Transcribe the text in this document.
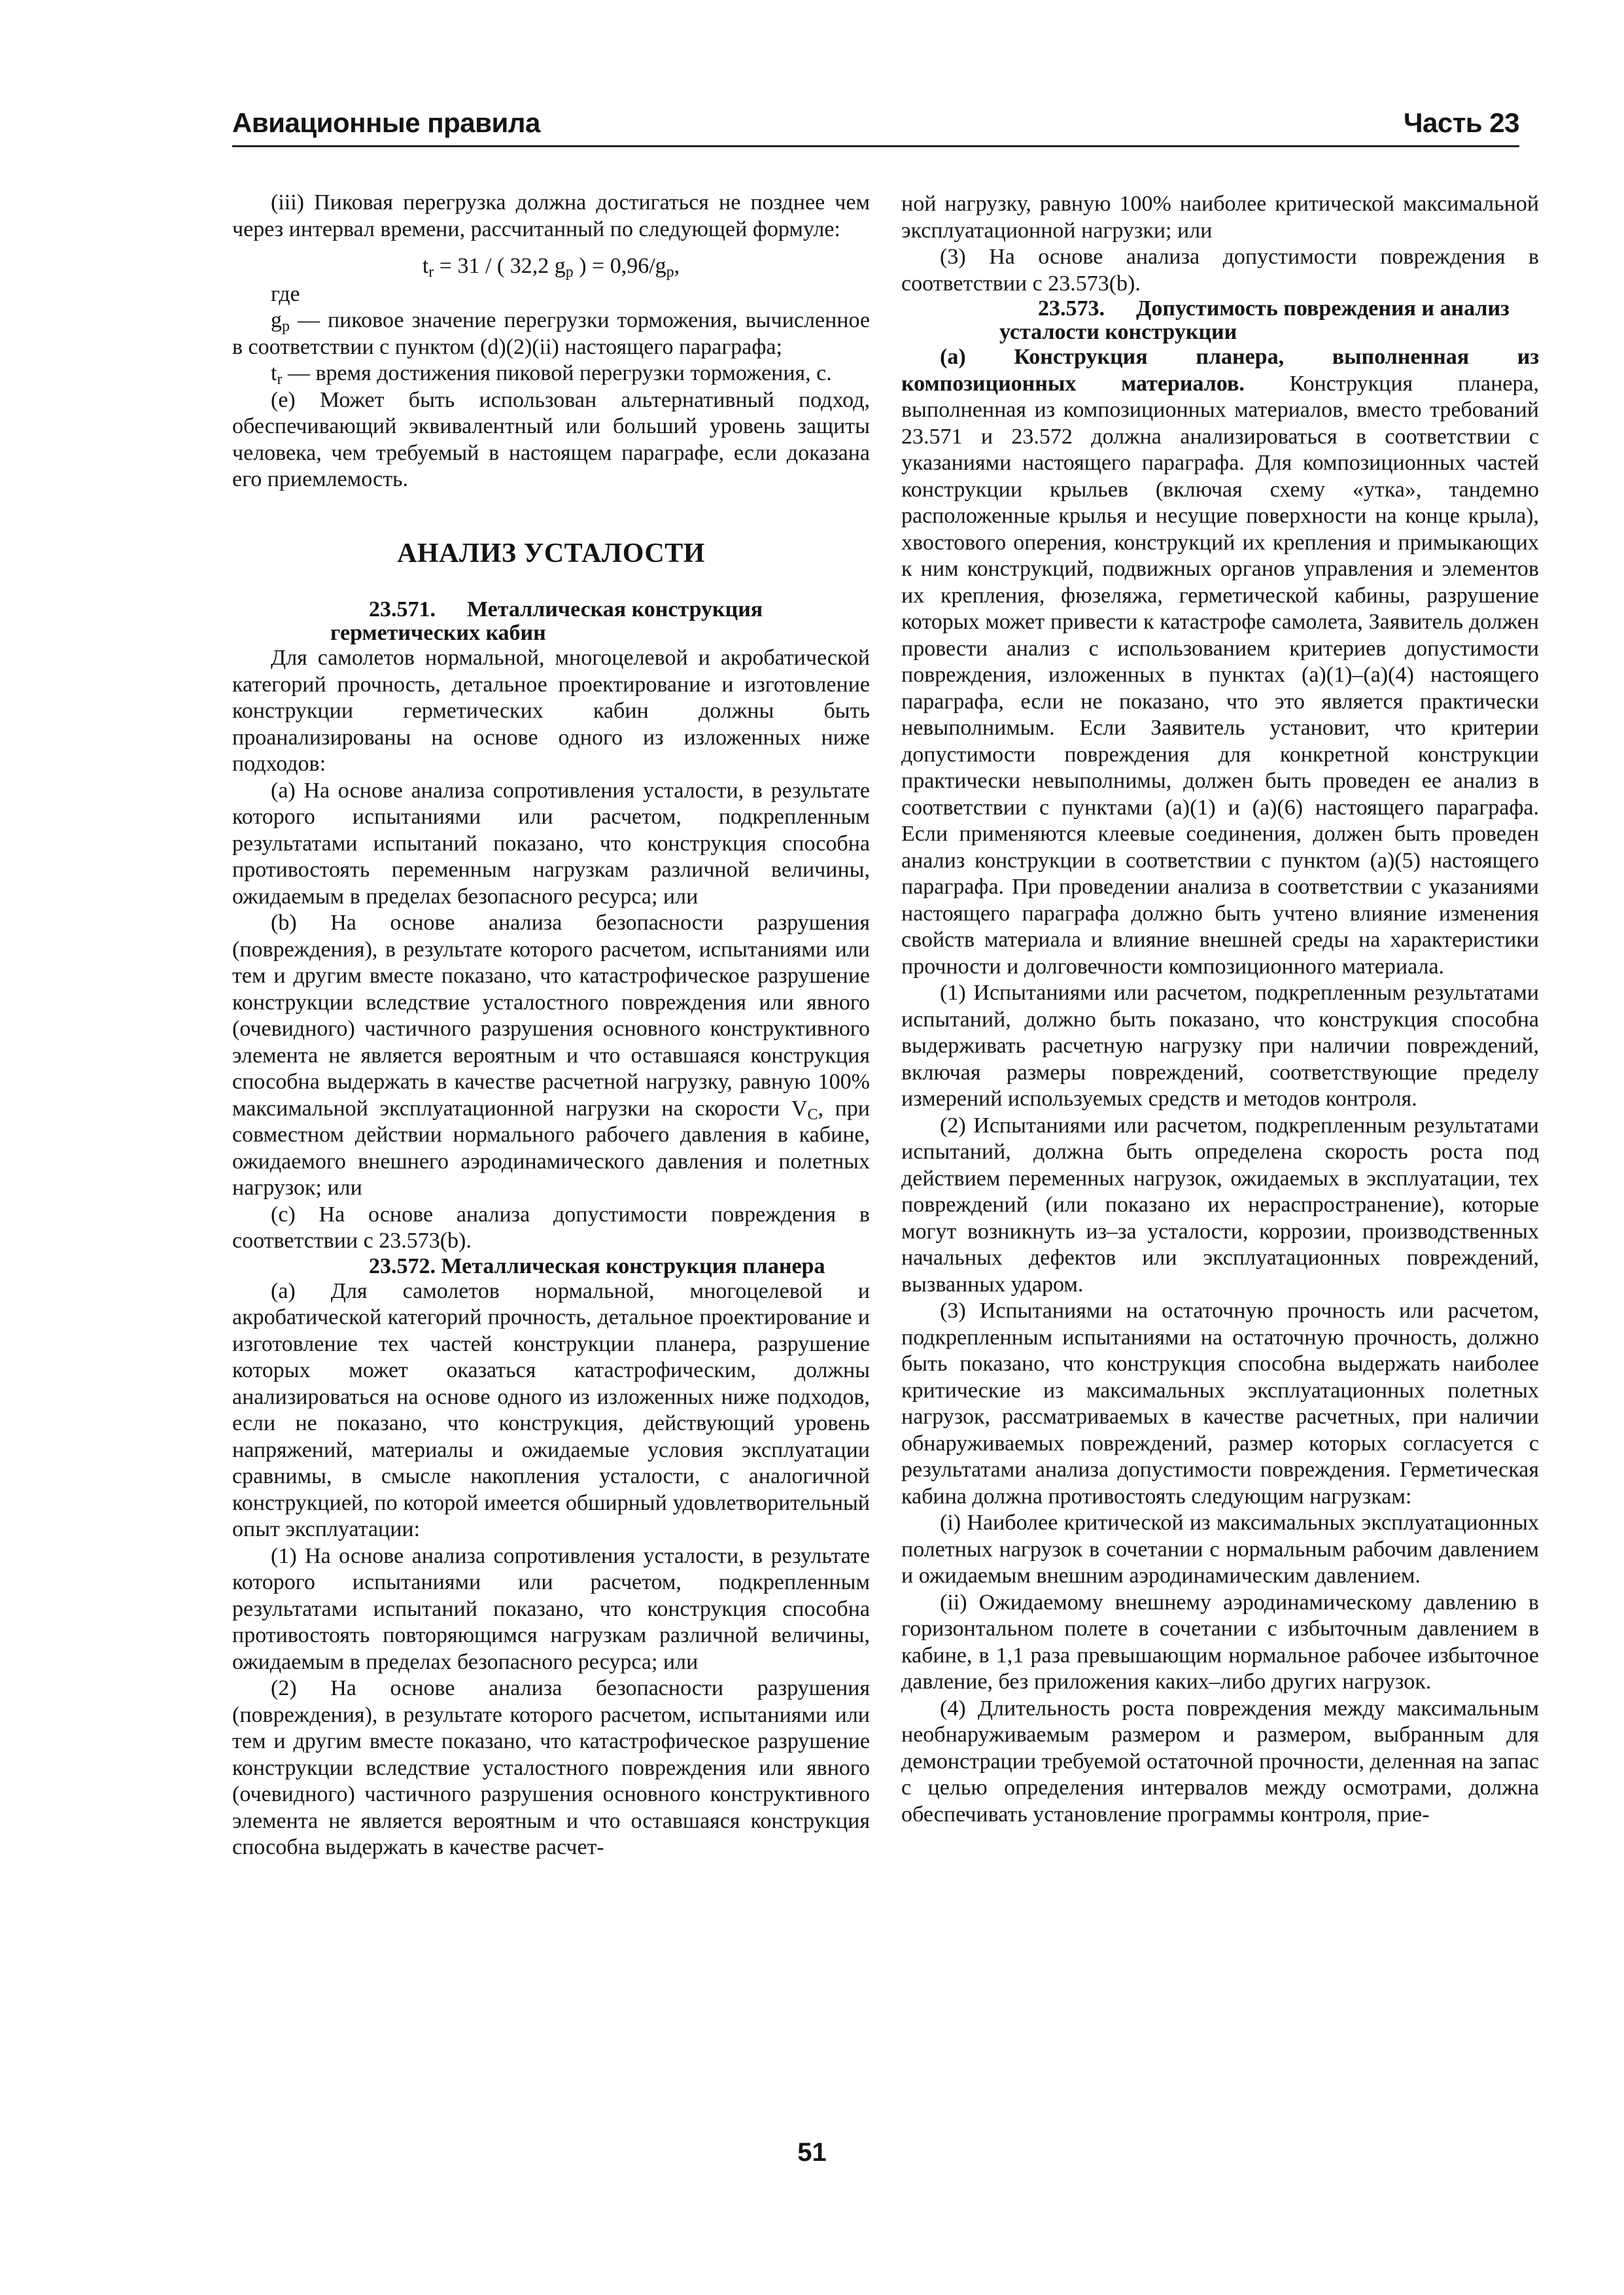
Авиационные правила	Часть 23

(iii) Пиковая перегрузка должна достигаться не позднее чем через интервал времени, рассчитанный по следующей формуле:

$t_r = 31$ / ( 32,2 $g_p$ ) = $0,96/g_p$,

где

$g_p$ — пиковое значение перегрузки торможения, вычисленное в соответствии с пунктом (d)(2)(ii) настоящего параграфа;

$t_r$ — время достижения пиковой перегрузки торможения, с.

(e) Может быть использован альтернативный подход, обеспечивающий эквивалентный или больший уровень защиты человека, чем требуемый в настоящем параграфе, если доказана его приемлемость.

АНАЛИЗ УСТАЛОСТИ

23.571. Металлическая конструкция герметических кабин

Для самолетов нормальной, многоцелевой и акробатической категорий прочность, детальное проектирование и изготовление конструкции герметических кабин должны быть проанализированы на основе одного из изложенных ниже подходов:

(a) На основе анализа сопротивления усталости, в результате которого испытаниями или расчетом, подкрепленным результатами испытаний показано, что конструкция способна противостоять переменным нагрузкам различной величины, ожидаемым в пределах безопасного ресурса; или

(b) На основе анализа безопасности разрушения (повреждения), в результате которого расчетом, испытаниями или тем и другим вместе показано, что катастрофическое разрушение конструкции вследствие усталостного повреждения или явного (очевидного) частичного разрушения основного конструктивного элемента не является вероятным и что оставшаяся конструкция способна выдержать в качестве расчетной нагрузку, равную 100% максимальной эксплуатационной нагрузки на скорости $V_C$, при совместном действии нормального рабочего давления в кабине, ожидаемого внешнего аэродинамического давления и полетных нагрузок; или

(c) На основе анализа допустимости повреждения в соответствии с 23.573(b).

23.572. Металлическая конструкция планера

(a) Для самолетов нормальной, многоцелевой и акробатической категорий прочность, детальное проектирование и изготовление тех частей конструкции планера, разрушение которых может оказаться катастрофическим, должны анализироваться на основе одного из изложенных ниже подходов, если не показано, что конструкция, действующий уровень напряжений, материалы и ожидаемые условия эксплуатации сравнимы, в смысле накопления усталости, с аналогичной конструкцией, по которой имеется обширный удовлетворительный опыт эксплуатации:

(1) На основе анализа сопротивления усталости, в результате которого испытаниями или расчетом, подкрепленным результатами испытаний показано, что конструкция способна противостоять повторяющимся нагрузкам различной величины, ожидаемым в пределах безопасного ресурса; или

(2) На основе анализа безопасности разрушения (повреждения), в результате которого расчетом, испытаниями или тем и другим вместе показано, что катастрофическое разрушение конструкции вследствие усталостного повреждения или явного (очевидного) частичного разрушения основного конструктивного элемента не является вероятным и что оставшаяся конструкция способна выдержать в качестве расчет-

ной нагрузку, равную 100% наиболее критической максимальной эксплуатационной нагрузки; или

(3) На основе анализа допустимости повреждения в соответствии с 23.573(b).

23.573. Допустимость повреждения и анализ усталости конструкции

(a) Конструкция планера, выполненная из композиционных материалов. Конструкция планера, выполненная из композиционных материалов, вместо требований 23.571 и 23.572 должна анализироваться в соответствии с указаниями настоящего параграфа. Для композиционных частей конструкции крыльев (включая схему «утка», тандемно расположенные крылья и несущие поверхности на конце крыла), хвостового оперения, конструкций их крепления и примыкающих к ним конструкций, подвижных органов управления и элементов их крепления, фюзеляжа, герметической кабины, разрушение которых может привести к катастрофе самолета, Заявитель должен провести анализ с использованием критериев допустимости повреждения, изложенных в пунктах (a)(1)–(a)(4) настоящего параграфа, если не показано, что это является практически невыполнимым. Если Заявитель установит, что критерии допустимости повреждения для конкретной конструкции практически невыполнимы, должен быть проведен ее анализ в соответствии с пунктами (a)(1) и (a)(6) настоящего параграфа. Если применяются клеевые соединения, должен быть проведен анализ конструкции в соответствии с пунктом (a)(5) настоящего параграфа. При проведении анализа в соответствии с указаниями настоящего параграфа должно быть учтено влияние изменения свойств материала и влияние внешней среды на характеристики прочности и долговечности композиционного материала.

(1) Испытаниями или расчетом, подкрепленным результатами испытаний, должно быть показано, что конструкция способна выдерживать расчетную нагрузку при наличии повреждений, включая размеры повреждений, соответствующие пределу измерений используемых средств и методов контроля.

(2) Испытаниями или расчетом, подкрепленным результатами испытаний, должна быть определена скорость роста под действием переменных нагрузок, ожидаемых в эксплуатации, тех повреждений (или показано их нераспространение), которые могут возникнуть из–за усталости, коррозии, производственных начальных дефектов или эксплуатационных повреждений, вызванных ударом.

(3) Испытаниями на остаточную прочность или расчетом, подкрепленным испытаниями на остаточную прочность, должно быть показано, что конструкция способна выдержать наиболее критические из максимальных эксплуатационных полетных нагрузок, рассматриваемых в качестве расчетных, при наличии обнаруживаемых повреждений, размер которых согласуется с результатами анализа допустимости повреждения. Герметическая кабина должна противостоять следующим нагрузкам:

(i) Наиболее критической из максимальных эксплуатационных полетных нагрузок в сочетании с нормальным рабочим давлением и ожидаемым внешним аэродинамическим давлением.

(ii) Ожидаемому внешнему аэродинамическому давлению в горизонтальном полете в сочетании с избыточным давлением в кабине, в 1,1 раза превышающим нормальное рабочее избыточное давление, без приложения каких–либо других нагрузок.

(4) Длительность роста повреждения между максимальным необнаруживаемым размером и размером, выбранным для демонстрации требуемой остаточной прочности, деленная на запас с целью определения интервалов между осмотрами, должна обеспечивать установление программы контроля, прие-

51
